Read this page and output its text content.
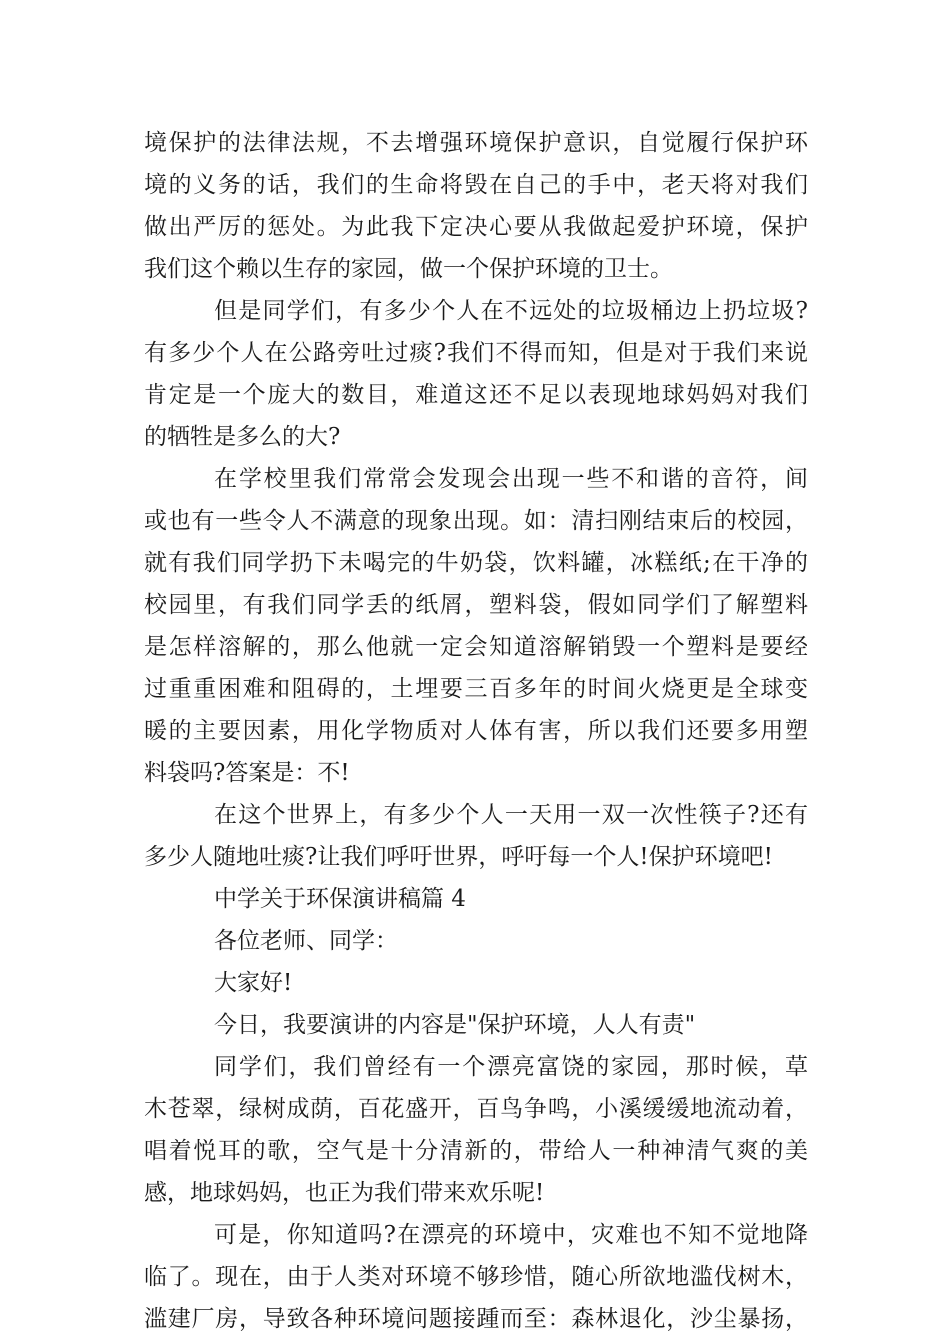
境保护的法律法规，不去增强环境保护意识，自觉履行保护环
境的义务的话，我们的生命将毁在自己的手中，老天将对我们
做出严厉的惩处。为此我下定决心要从我做起爱护环境，保护
我们这个赖以生存的家园，做一个保护环境的卫士。
但是同学们，有多少个人在不远处的垃圾桶边上扔垃圾?
有多少个人在公路旁吐过痰?我们不得而知，但是对于我们来说
肯定是一个庞大的数目，难道这还不足以表现地球妈妈对我们
的牺牲是多么的大?
在学校里我们常常会发现会出现一些不和谐的音符，间
或也有一些令人不满意的现象出现。如：清扫刚结束后的校园，
就有我们同学扔下未喝完的牛奶袋，饮料罐，冰糕纸;在干净的
校园里，有我们同学丢的纸屑，塑料袋，假如同学们了解塑料
是怎样溶解的，那么他就一定会知道溶解销毁一个塑料是要经
过重重困难和阻碍的，土埋要三百多年的时间火烧更是全球变
暖的主要因素，用化学物质对人体有害，所以我们还要多用塑
料袋吗?答案是：不!
在这个世界上，有多少个人一天用一双一次性筷子?还有
多少人随地吐痰?让我们呼吁世界，呼吁每一个人!保护环境吧!
中学关于环保演讲稿篇 4
各位老师、同学：
大家好!
今日，我要演讲的内容是"保护环境，人人有责"
同学们，我们曾经有一个漂亮富饶的家园，那时候，草
木苍翠，绿树成荫，百花盛开，百鸟争鸣，小溪缓缓地流动着，
唱着悦耳的歌，空气是十分清新的，带给人一种神清气爽的美
感，地球妈妈，也正为我们带来欢乐呢!
可是，你知道吗?在漂亮的环境中，灾难也不知不觉地降
临了。现在，由于人类对环境不够珍惜，随心所欲地滥伐树木，
滥建厂房，导致各种环境问题接踵而至：森林退化，沙尘暴扬，
